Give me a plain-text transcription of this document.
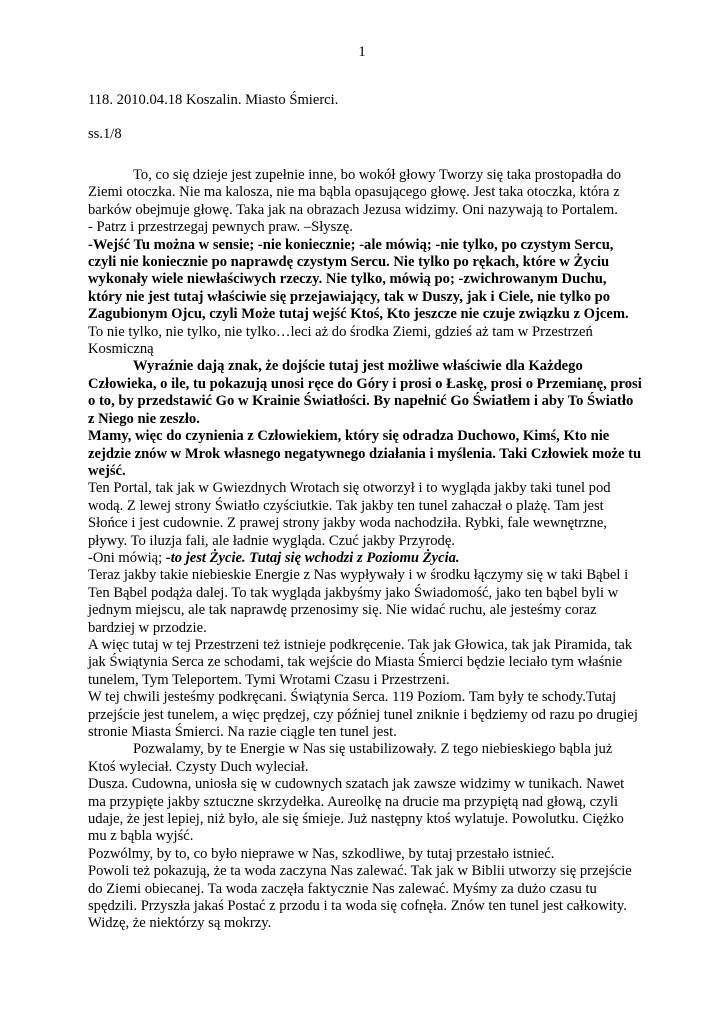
1
118. 2010.04.18 Koszalin. Miasto Śmierci.
ss.1/8

To, co się dzieje jest zupełnie inne, bo wokół głowy Tworzy się taka prostopadła do Ziemi otoczka. Nie ma kalosza, nie ma bąbla opasującego głowę. Jest taka otoczka, która z barków obejmuje głowę. Taka jak na obrazach Jezusa widzimy. Oni nazywają to Portalem.

- Patrz i przestrzegaj pewnych praw. –Słyszę.

-Wejść Tu można w sensie; -nie koniecznie; -ale mówią; -nie tylko, po czystym Sercu, czyli nie koniecznie po naprawdę czystym Sercu. Nie tylko po rękach, które w Życiu wykonały wiele niewłaściwych rzeczy. Nie tylko, mówią po; -zwichrowanym Duchu, który nie jest tutaj właściwie się przejawiający, tak w Duszy, jak i Ciele, nie tylko po Zagubionym Ojcu, czyli Może tutaj wejść Ktoś, Kto jeszcze nie czuje związku z Ojcem.

To nie tylko, nie tylko, nie tylko…leci aż do środka Ziemi, gdzieś aż tam w Przestrzeń Kosmiczną

Wyraźnie dają znak, że dojście tutaj jest możliwe właściwie dla Każdego Człowieka, o ile, tu pokazują unosi ręce do Góry i prosi o Łaskę, prosi o Przemianę, prosi o to, by przedstawić Go w Krainie Światłości. By napełnić Go Światłem i aby To Światło z Niego nie zeszło.

Mamy, więc do czynienia z Człowiekiem, który się odradza Duchowo, Kimś, Kto nie zejdzie znów w Mrok własnego negatywnego działania i myślenia. Taki Człowiek może tu wejść.

Ten Portal, tak jak w Gwiezdnych Wrotach się otworzył i to wygląda jakby taki tunel pod wodą. Z lewej strony Światło czyściutkie. Tak jakby ten tunel zahaczał o plażę. Tam jest Słońce i jest cudownie. Z prawej strony jakby woda nachodziła. Rybki, fale wewnętrzne, pływy. To iluzja fali, ale ładnie wygląda. Czuć jakby Przyrodę.

-Oni mówią; -to jest Życie. Tutaj się wchodzi z Poziomu Życia.

Teraz jakby takie niebieskie Energie z Nas wypływały i w środku łączymy się w taki Bąbel i Ten Bąbel podąża dalej. To tak wygląda jakbyśmy jako Świadomość, jako ten bąbel byli w jednym miejscu, ale tak naprawdę przenosimy się. Nie widać ruchu, ale jesteśmy coraz bardziej w przodzie.

A więc tutaj w tej Przestrzeni też istnieje podkręcenie. Tak jak Głowica, tak jak Piramida, tak jak Świątynia Serca ze schodami, tak wejście do Miasta Śmierci będzie leciało tym właśnie tunelem, Tym Teleportem. Tymi Wrotami Czasu i Przestrzeni.

W tej chwili jesteśmy podkręcani. Świątynia Serca. 119 Poziom. Tam były te schody.Tutaj przejście jest tunelem, a więc prędzej, czy później tunel zniknie i będziemy od razu po drugiej stronie Miasta Śmierci. Na razie ciągle ten tunel jest.

Pozwalamy, by te Energie w Nas się ustabilizowały. Z tego niebieskiego bąbla już Ktoś wyleciał. Czysty Duch wyleciał.

Dusza. Cudowna, uniosła się w cudownych szatach jak zawsze widzimy w tunikach. Nawet ma przypięte jakby sztuczne skrzydełka. Aureolkę na drucie ma przypiętą nad głową, czyli udaje, że jest lepiej, niż było, ale się śmieje. Już następny ktoś wylatuje. Powolutku. Ciężko mu z bąbla wyjść.

Pozwólmy, by to, co było nieprawe w Nas, szkodliwe, by tutaj przestało istnieć.

Powoli też pokazują, że ta woda zaczyna Nas zalewać. Tak jak w Biblii utworzy się przejście do Ziemi obiecanej. Ta woda zaczęła faktycznie Nas zalewać. Myśmy za dużo czasu tu spędzili. Przyszła jakaś Postać z przodu i ta woda się cofnęła. Znów ten tunel jest całkowity. Widzę, że niektórzy są mokrzy.
